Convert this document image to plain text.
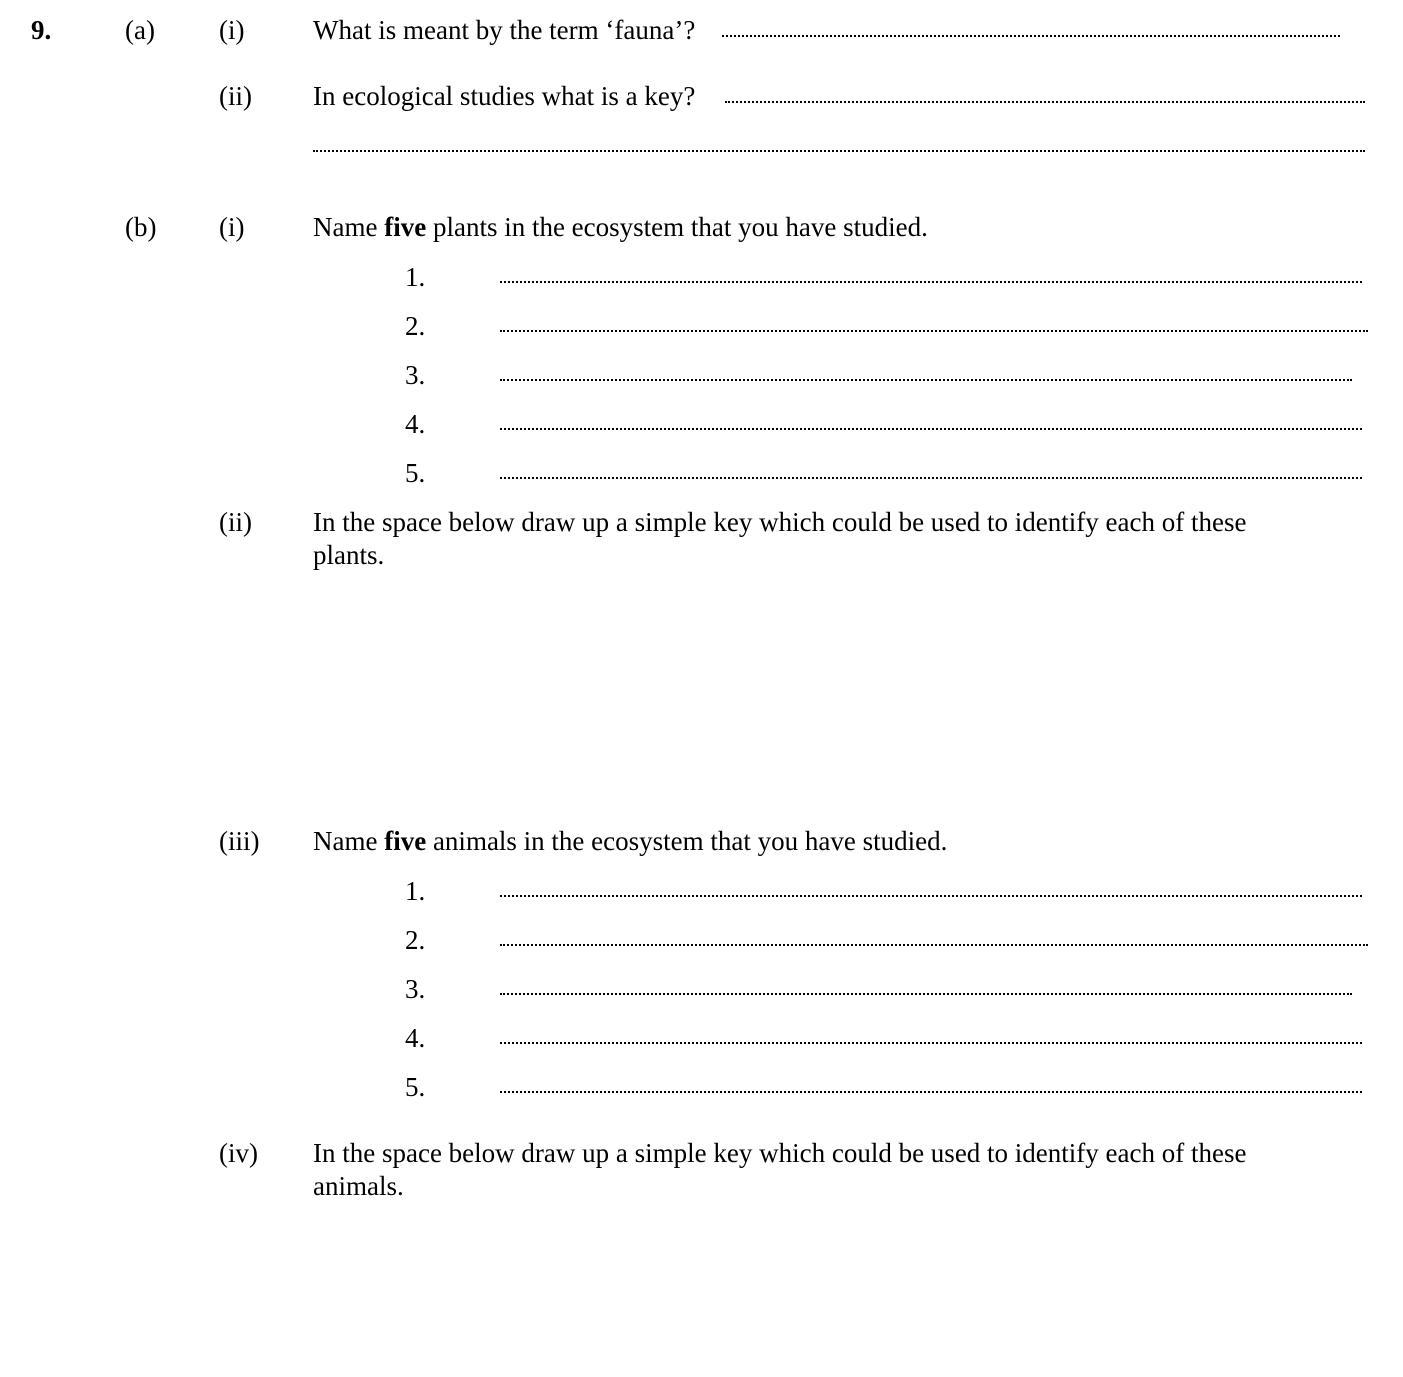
9.	(a) (i)	What is meant by the term ‘fauna’?
(ii) In ecological studies what is a key?
(b) (i)	Name five plants in the ecosystem that you have studied.
1.
2.
3.
4.
5.
(ii) In the space below draw up a simple key which could be used to identify each of these plants.
(iii) Name five animals in the ecosystem that you have studied.
1.
2.
3.
4.
5.
(iv) In the space below draw up a simple key which could be used to identify each of these animals.
